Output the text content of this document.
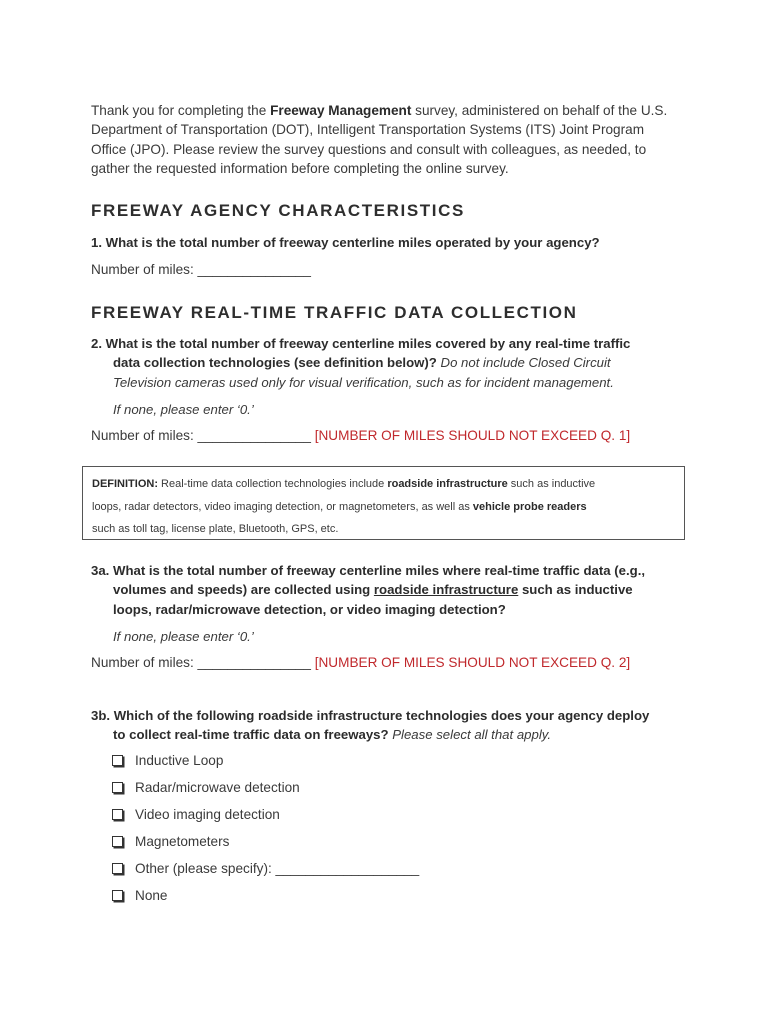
Thank you for completing the Freeway Management survey, administered on behalf of the U.S.
Department of Transportation (DOT), Intelligent Transportation Systems (ITS) Joint Program
Office (JPO). Please review the survey questions and consult with colleagues, as needed, to
gather the requested information before completing the online survey.
FREEWAY AGENCY CHARACTERISTICS
1. What is the total number of freeway centerline miles operated by your agency?
Number of miles: _______________
FREEWAY REAL-TIME TRAFFIC DATA COLLECTION
2. What is the total number of freeway centerline miles covered by any real-time traffic
data collection technologies (see definition below)? Do not include Closed Circuit
Television cameras used only for visual verification, such as for incident management.
If none, please enter ‘0.’
Number of miles: _______________ [NUMBER OF MILES SHOULD NOT EXCEED Q. 1]
DEFINITION: Real-time data collection technologies include roadside infrastructure such as inductive
loops, radar detectors, video imaging detection, or magnetometers, as well as vehicle probe readers
such as toll tag, license plate, Bluetooth, GPS, etc.
3a. What is the total number of freeway centerline miles where real-time traffic data (e.g.,
volumes and speeds) are collected using roadside infrastructure such as inductive
loops, radar/microwave detection, or video imaging detection?
If none, please enter ‘0.’
Number of miles: _______________ [NUMBER OF MILES SHOULD NOT EXCEED Q. 2]
3b. Which of the following roadside infrastructure technologies does your agency deploy
to collect real-time traffic data on freeways? Please select all that apply.
Inductive Loop
Radar/microwave detection
Video imaging detection
Magnetometers
Other (please specify): ___________________
None
